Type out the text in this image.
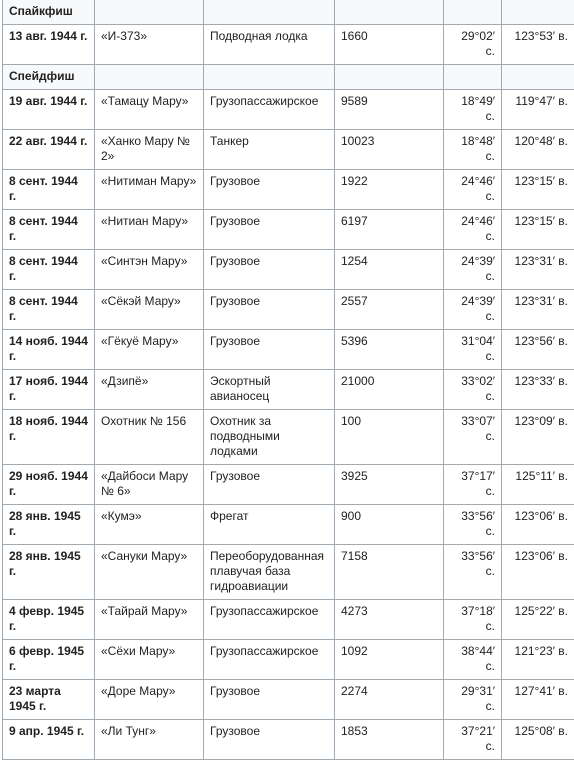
Спайкфиш					
13 авг. 1944 г.	«И-373»	Подводная лодка	1660	29°02′ с.	123°53′ в.
Спейдфиш					
19 авг. 1944 г.	«Тамацу Мару»	Грузопассажирское	9589	18°49′ с.	119°47′ в.
22 авг. 1944 г.	«Ханко Мару № 2»	Танкер	10023	18°48′ с.	120°48′ в.
8 сент. 1944 г.	«Нитиман Мару»	Грузовое	1922	24°46′ с.	123°15′ в.
8 сент. 1944 г.	«Нитиан Мару»	Грузовое	6197	24°46′ с.	123°15′ в.
8 сент. 1944 г.	«Синтэн Мару»	Грузовое	1254	24°39′ с.	123°31′ в.
8 сент. 1944 г.	«Сёкэй Мару»	Грузовое	2557	24°39′ с.	123°31′ в.
14 нояб. 1944 г.	«Гёкуё Мару»	Грузовое	5396	31°04′ с.	123°56′ в.
17 нояб. 1944 г.	«Дзипё»	Эскортный авианосец	21000	33°02′ с.	123°33′ в.
18 нояб. 1944 г.	Охотник № 156	Охотник за подводными лодками	100	33°07′ с.	123°09′ в.
29 нояб. 1944 г.	«Дайбоси Мару № 6»	Грузовое	3925	37°17′ с.	125°11′ в.
28 янв. 1945 г.	«Кумэ»	Фрегат	900	33°56′ с.	123°06′ в.
28 янв. 1945 г.	«Сануки Мару»	Переоборудованная плавучая база гидроавиации	7158	33°56′ с.	123°06′ в.
4 февр. 1945 г.	«Тайрай Мару»	Грузопассажирское	4273	37°18′ с.	125°22′ в.
6 февр. 1945 г.	«Сёхи Мару»	Грузопассажирское	1092	38°44′ с.	121°23′ в.
23 марта 1945 г.	«Доре Мару»	Грузовое	2274	29°31′ с.	127°41′ в.
9 апр. 1945 г.	«Ли Тунг»	Грузовое	1853	37°21′ с.	125°08′ в.
